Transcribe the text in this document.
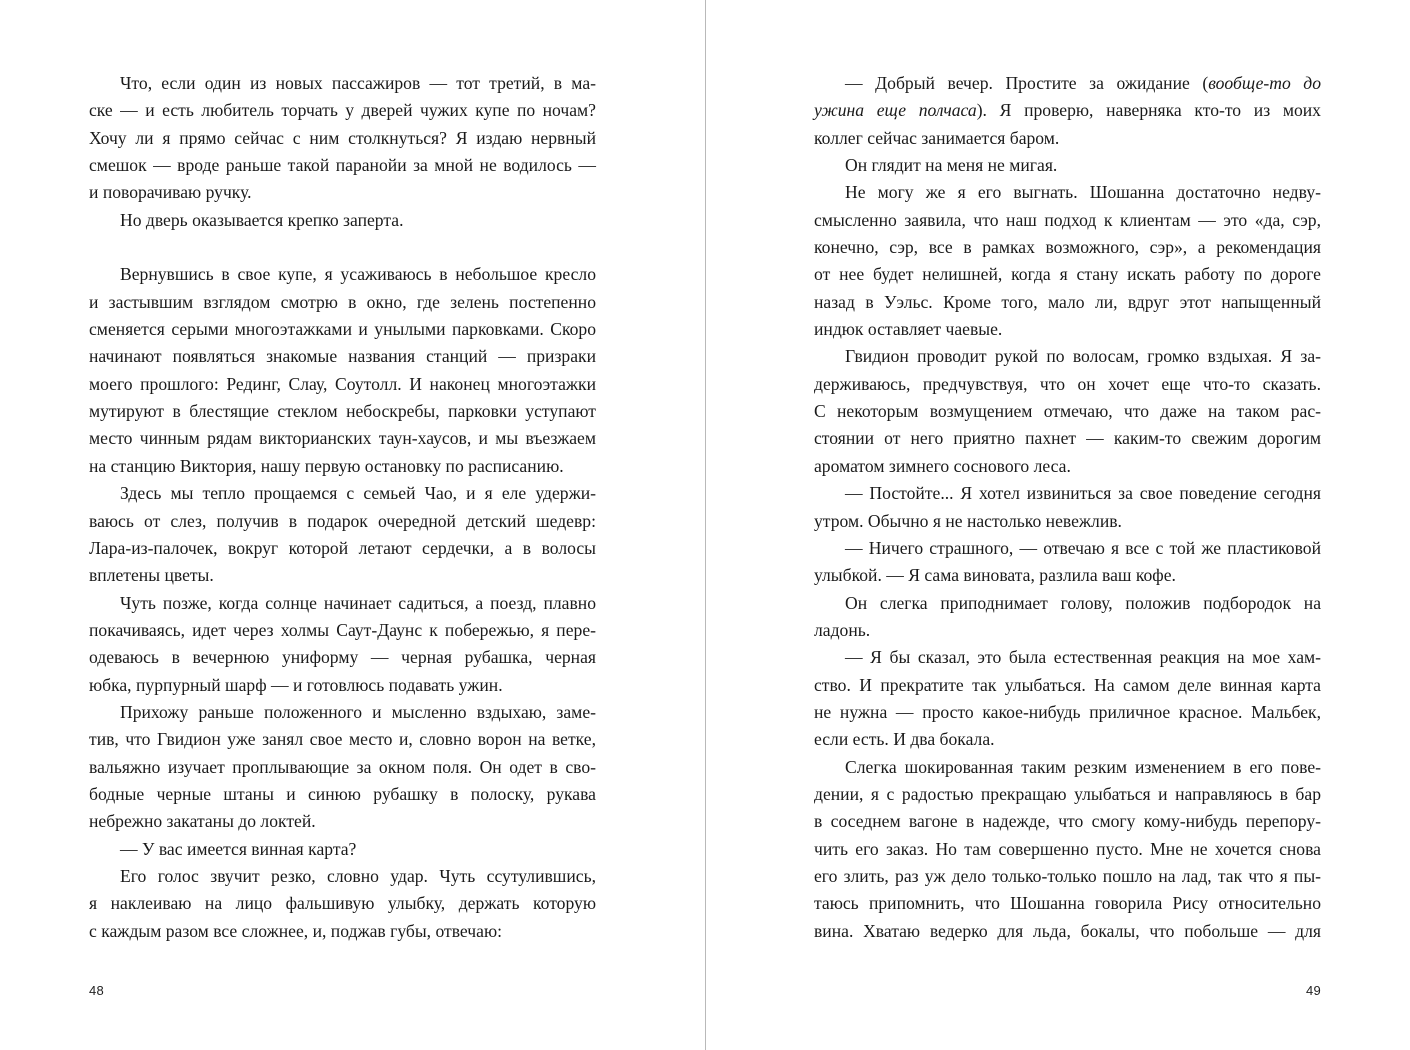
Что, если один из новых пассажиров — тот третий, в ма-
ске — и есть любитель торчать у дверей чужих купе по ночам?
Хочу ли я прямо сейчас с ним столкнуться? Я издаю нервный
смешок — вроде раньше такой паранойи за мной не водилось —
и поворачиваю ручку.
Но дверь оказывается крепко заперта.
Вернувшись в свое купе, я усаживаюсь в небольшое кресло
и застывшим взглядом смотрю в окно, где зелень постепенно
сменяется серыми многоэтажками и унылыми парковками. Скоро
начинают появляться знакомые названия станций — призраки
моего прошлого: Рединг, Слау, Соутолл. И наконец многоэтажки
мутируют в блестящие стеклом небоскребы, парковки уступают
место чинным рядам викторианских таун-хаусов, и мы въезжаем
на станцию Виктория, нашу первую остановку по расписанию.
Здесь мы тепло прощаемся с семьей Чао, и я еле удержи-
ваюсь от слез, получив в подарок очередной детский шедевр:
Лара-из-палочек, вокруг которой летают сердечки, а в волосы
вплетены цветы.
Чуть позже, когда солнце начинает садиться, а поезд, плавно
покачиваясь, идет через холмы Саут-Даунс к побережью, я пере-
одеваюсь в вечернюю униформу — черная рубашка, черная
юбка, пурпурный шарф — и готовлюсь подавать ужин.
Прихожу раньше положенного и мысленно вздыхаю, заме-
тив, что Гвидион уже занял свое место и, словно ворон на ветке,
вальяжно изучает проплывающие за окном поля. Он одет в сво-
бодные черные штаны и синюю рубашку в полоску, рукава
небрежно закатаны до локтей.
— У вас имеется винная карта?
Его голос звучит резко, словно удар. Чуть ссутулившись,
я наклеиваю на лицо фальшивую улыбку, держать которую
с каждым разом все сложнее, и, поджав губы, отвечаю:
48
— Добрый вечер. Простите за ожидание (вообще-то до
ужина еще полчаса). Я проверю, наверняка кто-то из моих
коллег сейчас занимается баром.
Он глядит на меня не мигая.
Не могу же я его выгнать. Шошанна достаточно недву-
смысленно заявила, что наш подход к клиентам — это «да, сэр,
конечно, сэр, все в рамках возможного, сэр», а рекомендация
от нее будет нелишней, когда я стану искать работу по дороге
назад в Уэльс. Кроме того, мало ли, вдруг этот напыщенный
индюк оставляет чаевые.
Гвидион проводит рукой по волосам, громко вздыхая. Я за-
держиваюсь, предчувствуя, что он хочет еще что-то сказать.
С некоторым возмущением отмечаю, что даже на таком рас-
стоянии от него приятно пахнет — каким-то свежим дорогим
ароматом зимнего соснового леса.
— Постойте... Я хотел извиниться за свое поведение сегодня
утром. Обычно я не настолько невежлив.
— Ничего страшного, — отвечаю я все с той же пластиковой
улыбкой. — Я сама виновата, разлила ваш кофе.
Он слегка приподнимает голову, положив подбородок на
ладонь.
— Я бы сказал, это была естественная реакция на мое хам-
ство. И прекратите так улыбаться. На самом деле винная карта
не нужна — просто какое-нибудь приличное красное. Мальбек,
если есть. И два бокала.
Слегка шокированная таким резким изменением в его пове-
дении, я с радостью прекращаю улыбаться и направляюсь в бар
в соседнем вагоне в надежде, что смогу кому-нибудь перепору-
чить его заказ. Но там совершенно пусто. Мне не хочется снова
его злить, раз уж дело только-только пошло на лад, так что я пы-
таюсь припомнить, что Шошанна говорила Рису относительно
вина. Хватаю ведерко для льда, бокалы, что побольше — для
49
